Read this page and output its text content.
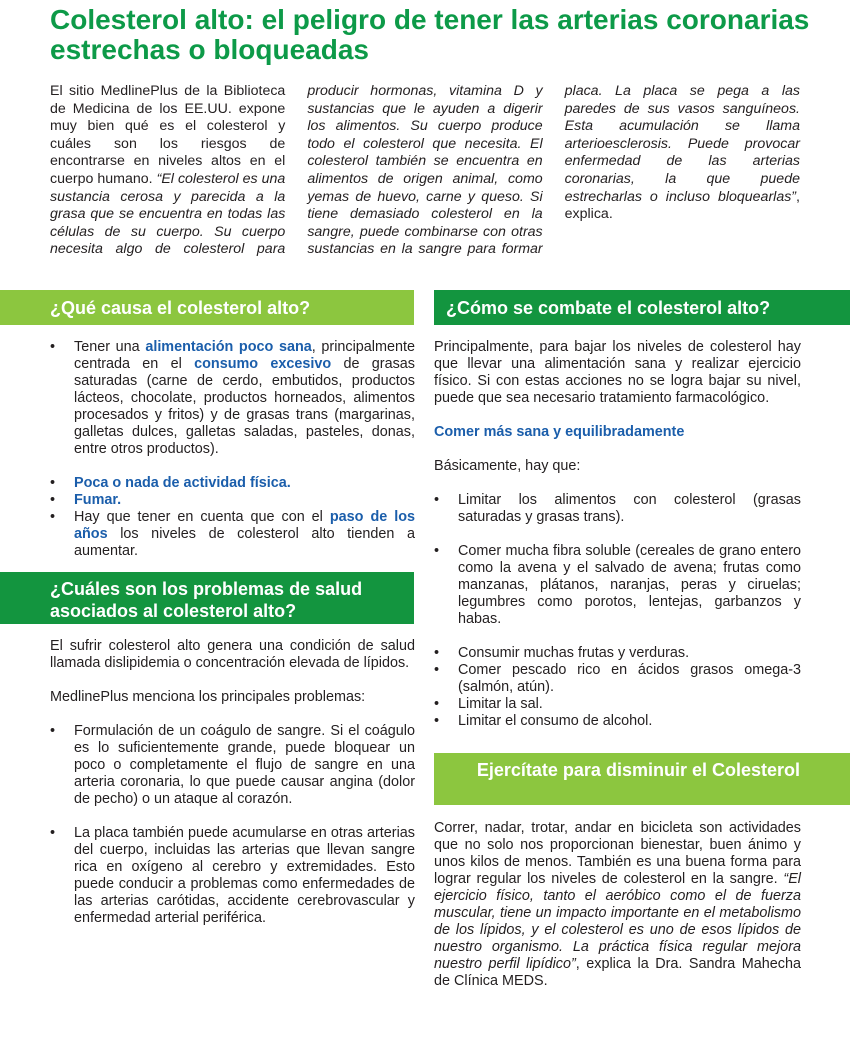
Colesterol alto: el peligro de tener las arterias coronarias estrechas o bloqueadas

El sitio MedlinePlus de la Biblioteca de Medicina de los EE.UU. expone muy bien qué es el colesterol y cuáles son los riesgos de encontrarse en niveles altos en el cuerpo humano. “El colesterol es una sustancia cerosa y parecida a la grasa que se encuentra en todas las células de su cuerpo. Su cuerpo necesita algo de colesterol para producir hormonas, vitamina D y sustancias que le ayuden a digerir los alimentos. Su cuerpo produce todo el colesterol que necesita. El colesterol también se encuentra en alimentos de origen animal, como yemas de huevo, carne y queso. Si tiene demasiado colesterol en la sangre, puede combinarse con otras sustancias en la sangre para formar placa. La placa se pega a las paredes de sus vasos sanguíneos. Esta acumulación se llama arterioesclerosis. Puede provocar enfermedad de las arterias coronarias, la que puede estrecharlas o incluso bloquearlas”, explica.

¿Qué causa el colesterol alto?
•	Tener una alimentación poco sana, principalmente centrada en el consumo excesivo de grasas saturadas (carne de cerdo, embutidos, productos lácteos, chocolate, productos horneados, alimentos procesados y fritos) y de grasas trans (margarinas, galletas dulces, galletas saladas, pasteles, donas, entre otros productos).
•	Poca o nada de actividad física.
•	Fumar.
•	Hay que tener en cuenta que con el paso de los años los niveles de colesterol alto tienden a aumentar.
¿Cuáles son los problemas de salud asociados al colesterol alto?

El sufrir colesterol alto genera una condición de salud llamada dislipidemia o concentración elevada de lípidos.

MedlinePlus menciona los principales problemas:

•	Formulación de un coágulo de sangre. Si el coágulo es lo suficientemente grande, puede bloquear un poco o completamente el flujo de sangre en una arteria coronaria, lo que puede causar angina (dolor de pecho) o un ataque al corazón.
•	La placa también puede acumularse en otras arterias del cuerpo, incluidas las arterias que llevan sangre rica en oxígeno al cerebro y extremidades. Esto puede conducir a problemas como enfermedades de las arterias carótidas, accidente cerebrovascular y enfermedad arterial periférica.
¿Cómo se combate el colesterol alto?

Principalmente, para bajar los niveles de colesterol hay que llevar una alimentación sana y realizar ejercicio físico. Si con estas acciones no se logra bajar su nivel, puede que sea necesario tratamiento farmacológico.

Comer más sana y equilibradamente

Básicamente, hay que:

•	Limitar los alimentos con colesterol (grasas saturadas y grasas trans).
•	Comer mucha fibra soluble (cereales de grano entero como la avena y el salvado de avena; frutas como manzanas, plátanos, naranjas, peras y ciruelas; legumbres como porotos, lentejas, garbanzos y habas.
•	Consumir muchas frutas y verduras.
•	Comer pescado rico en ácidos grasos omega-3 (salmón, atún).
•	Limitar la sal.
•	Limitar el consumo de alcohol.
Ejercítate para disminuir el Colesterol

Correr, nadar, trotar, andar en bicicleta son actividades que no solo nos proporcionan bienestar, buen ánimo y unos kilos de menos. También es una buena forma para lograr regular los niveles de colesterol en la sangre. “El ejercicio físico, tanto el aeróbico como el de fuerza muscular, tiene un impacto importante en el metabolismo de los lípidos, y el colesterol es uno de esos lípidos de nuestro organismo. La práctica física regular mejora nuestro perfil lipídico”, explica la Dra. Sandra Mahecha de Clínica MEDS.
